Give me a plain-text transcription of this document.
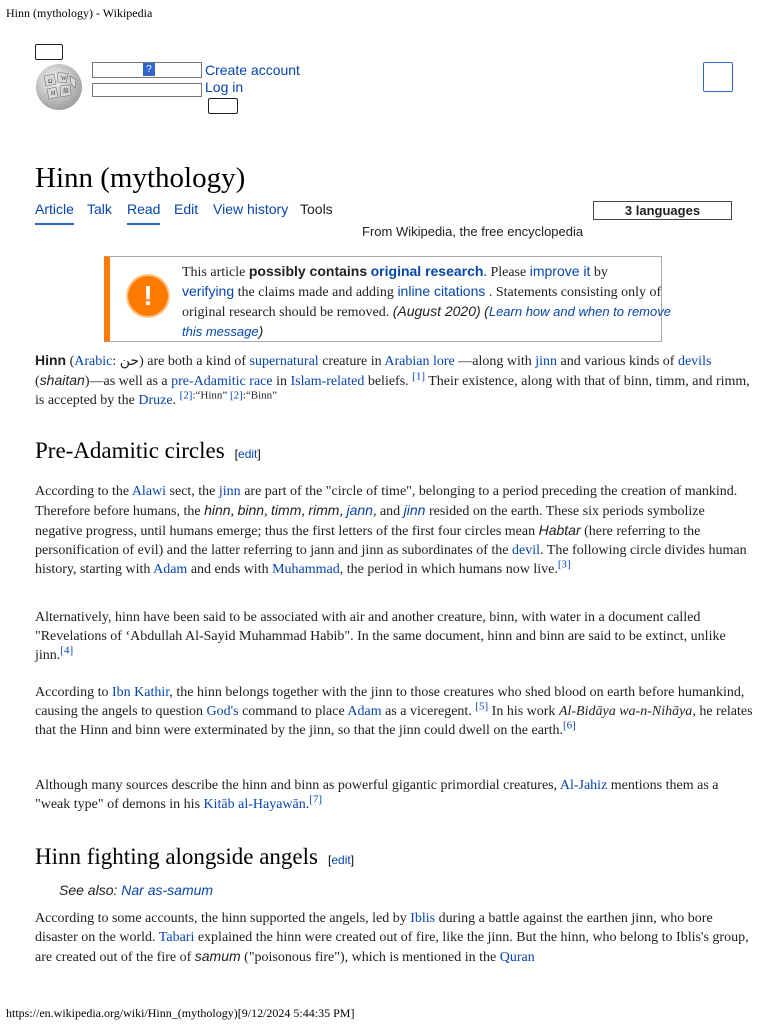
Hinn (mythology) - Wikipedia
Ω W
И 維
?	Create account
Log in
Hinn (mythology)
Article Talk Read Edit View history Tools	3 languages
From Wikipedia, the free encyclopedia
!
This article possibly contains original research. Please improve it by
verifying the claims made and adding inline citations . Statements consisting only of original research should be removed. (August 2020) (Learn how and when to remove this message)

Hinn (Arabic: حن) are both a kind of supernatural creature in Arabian lore —along with jinn and various kinds of devils (shaitan)—as well as a pre-Adamitic race in Islam-related beliefs. [1] Their existence, along with that of binn, timm, and rimm, is accepted by the Druze. $^{[2]:“Hinn” [2]:“Binn”}$

Pre-Adamitic circles [edit]

According to the Alawi sect, the jinn are part of the "circle of time", belonging to a period preceding the creation of mankind. Therefore before humans, the hinn, binn, timm, rimm, jann, and jinn resided on the earth. These six periods symbolize negative progress, until humans emerge; thus the first letters of the first four circles mean Habtar (here referring to the personification of evil) and the latter referring to jann and jinn as subordinates of the devil. The following circle divides human history, starting with Adam and ends with Muhammad, the period in which humans now live.[3]

Alternatively, hinn have been said to be associated with air and another creature, binn, with water in a document called "Revelations of ‘Abdullah Al-Sayid Muhammad Habib". In the same document, hinn and binn are said to be extinct, unlike jinn.[4]

According to Ibn Kathir, the hinn belongs together with the jinn to those creatures who shed blood on earth before humankind, causing the angels to question God's command to place Adam as a viceregent. [5] In his work Al-Bidāya wa-n-Nihāya, he relates that the Hinn and binn were exterminated by the jinn, so that the jinn could dwell on the earth.[6]

Although many sources describe the hinn and binn as powerful gigantic primordial creatures, Al-Jahiz mentions them as a "weak type" of demons in his Kitāb al-Hayawān.[7]

Hinn fighting alongside angels [edit]
See also: Nar as-samum

According to some accounts, the hinn supported the angels, led by Iblis during a battle against the earthen jinn, who bore disaster on the world. Tabari explained the hinn were created out of fire, like the jinn. But the hinn, who belong to Iblis's group, are created out of the fire of samum ("poisonous fire"), which is mentioned in the Quran

https://en.wikipedia.org/wiki/Hinn_(mythology)[9/12/2024 5:44:35 PM]
